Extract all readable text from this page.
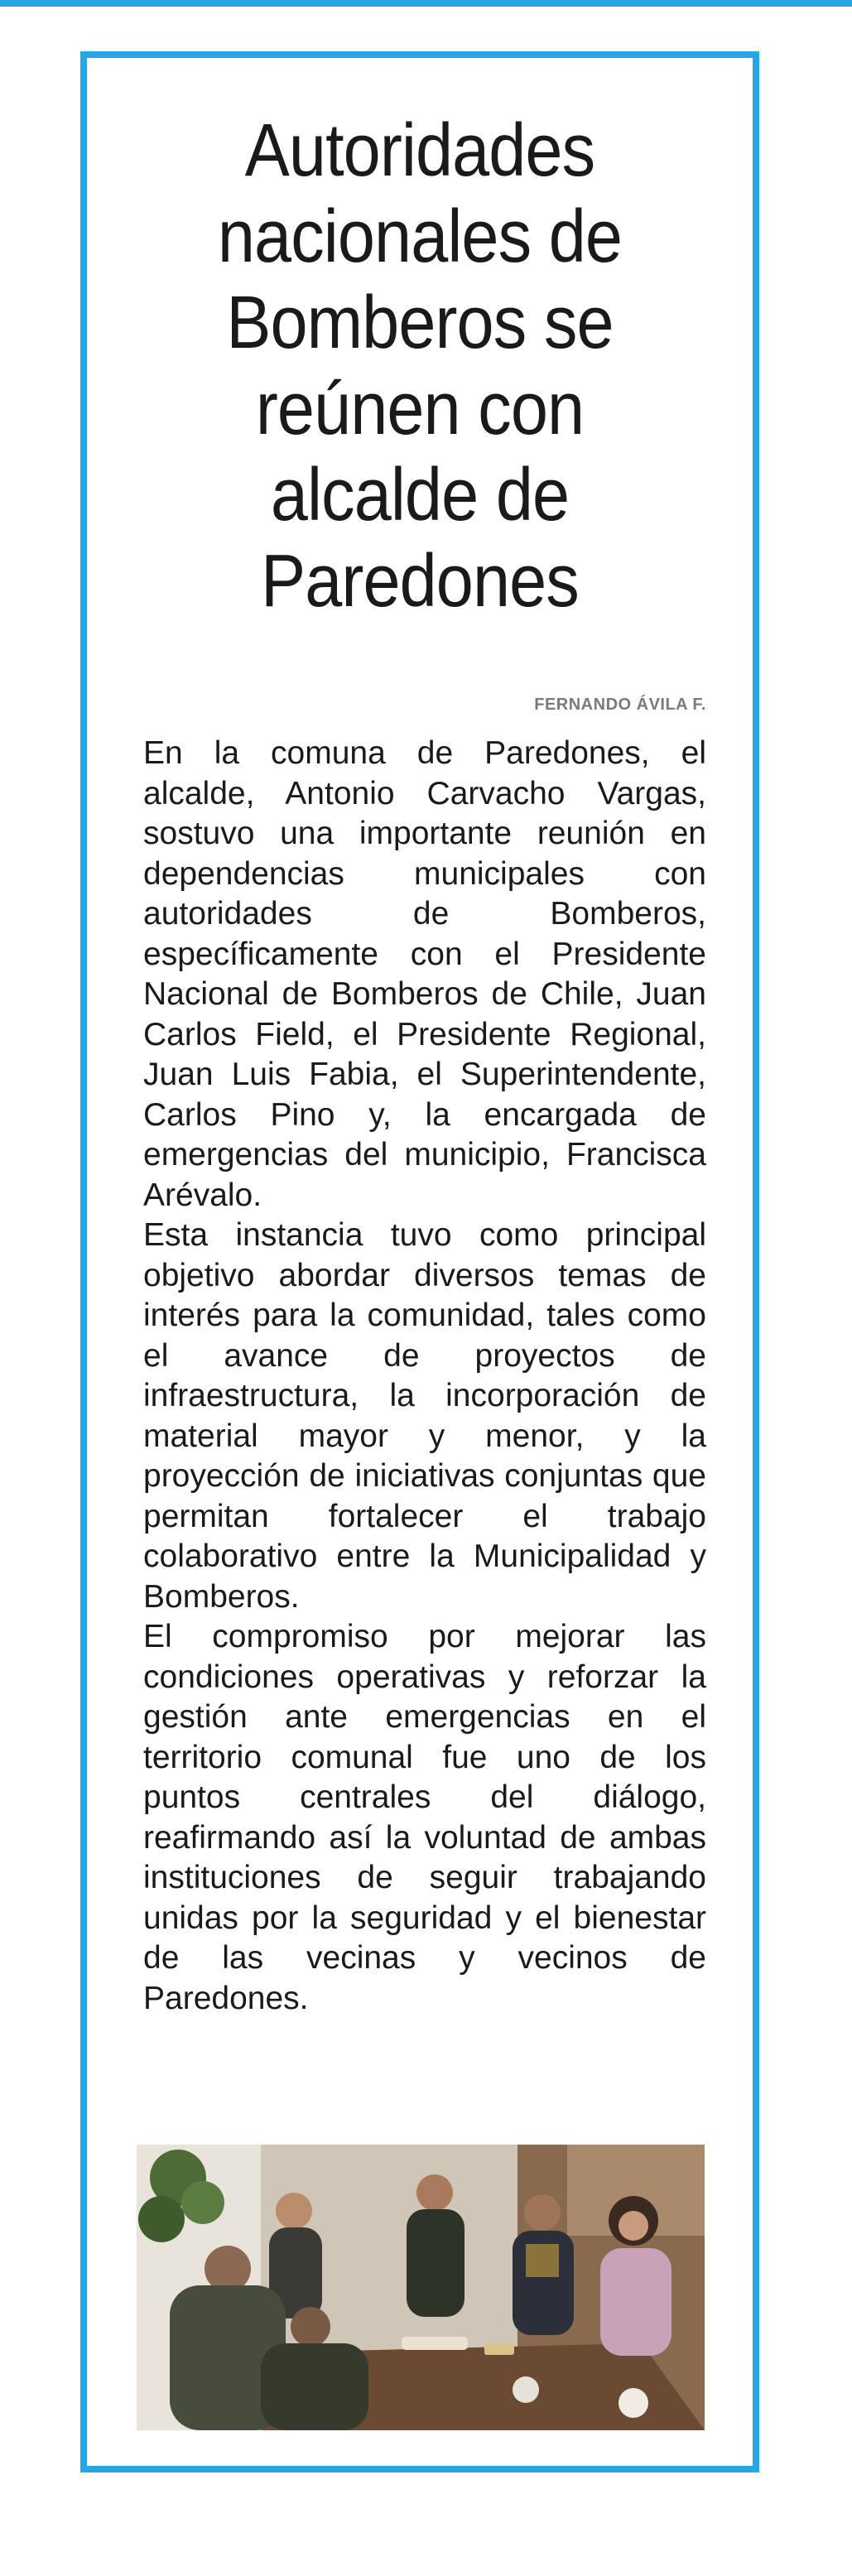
Autoridades nacionales de Bomberos se reúnen con alcalde de Paredones

FERNANDO ÁVILA F.

En la comuna de Paredones, el alcalde, Antonio Carvacho Vargas, sostuvo una importante reunión en dependencias municipales con autoridades de Bomberos, específicamente con el Presidente Nacional de Bomberos de Chile, Juan Carlos Field, el Presidente Regional, Juan Luis Fabia, el Superintendente, Carlos Pino y, la encargada de emergencias del municipio, Francisca Arévalo.

Esta instancia tuvo como principal objetivo abordar diversos temas de interés para la comunidad, tales como el avance de proyectos de infraestructura, la incorporación de material mayor y menor, y la proyección de iniciativas conjuntas que permitan fortalecer el trabajo colaborativo entre la Municipalidad y Bomberos.

El compromiso por mejorar las condiciones operativas y reforzar la gestión ante emergencias en el territorio comunal fue uno de los puntos centrales del diálogo, reafirmando así la voluntad de ambas instituciones de seguir trabajando unidas por la seguridad y el bienestar de las vecinas y vecinos de Paredones.
